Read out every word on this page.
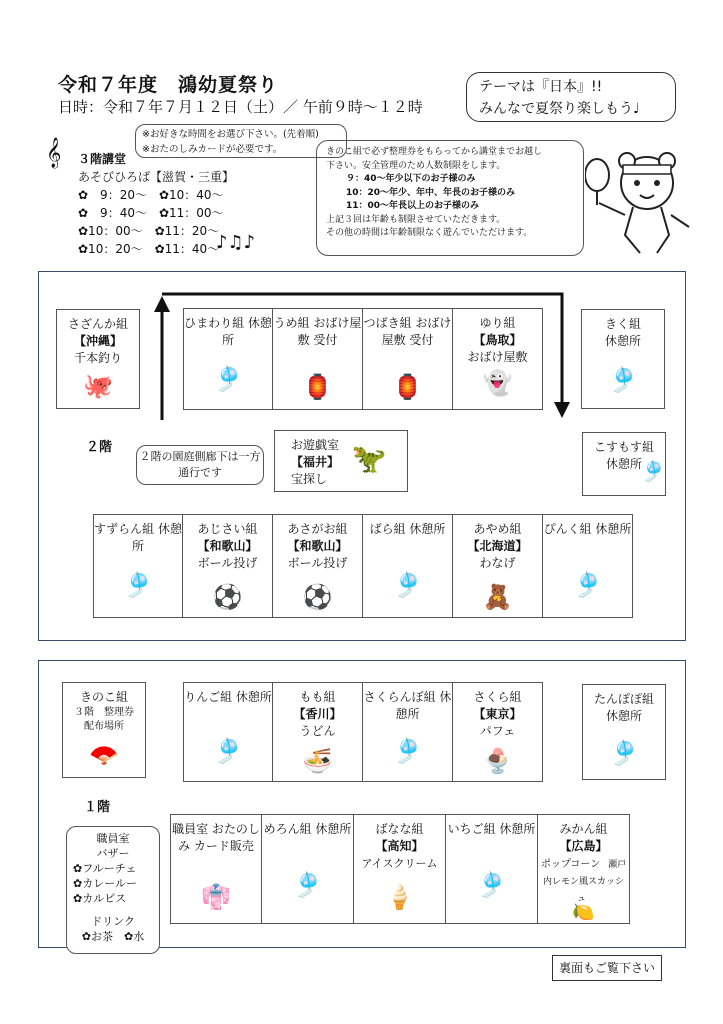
令和７年度　鴻幼夏祭り
日時：令和７年７月１２日（土）／ 午前９時〜１２時
テーマは『日本』!!
みんなで夏祭り楽しもう♩
※お好きな時間をお選び下さい。(先着順)
※おたのしみカードが必要です。	きのこ組で必ず整理券をもらってから講堂までお越し
下さい。安全管理のため人数制限をします。
９：40〜年少以下のお子様のみ
10：20〜年少、年中、年長のお子様のみ
11：00〜年長以上のお子様のみ
上記３回は年齢も制限させていただきます。
その他の時間は年齢制限なく遊んでいただけます。
𝄞
♪♫♪
３階講堂
あそびひろば【滋賀・三重】
✿　9：20〜　✿10：40〜
✿　9：40〜　✿11：00〜
✿10：00〜　✿11：20〜
✿10：20〜　✿11：40〜
さざんか組
【沖縄】
千本釣り
🐙
ひまわり組 休憩所
🎐
うめ組 おばけ屋敷 受付
🏮
つばき組 おばけ屋敷 受付
🏮
ゆり組
【鳥取】
おばけ屋敷
👻
きく組
休憩所
🎐
２階
２階の園庭側廊下は一方通行です
お遊戯室
【福井】
宝探し
🦖	こすもす組
休憩所
🎐
すずらん組 休憩所
🎐
あじさい組
【和歌山】
ボール投げ
⚽
あさがお組
【和歌山】
ボール投げ
⚽
ばら組 休憩所
🎐
あやめ組
【北海道】
わなげ
🧸
ぴんく組 休憩所
🎐
きのこ組
３階　整理券
配布場所
🪭
りんご組 休憩所
🎐
もも組
【香川】
うどん
🍜
さくらんぼ組 休憩所
🎐
さくら組
【東京】
パフェ
🍨
たんぽぽ組
休憩所
🎐
１階
職員室
バザー
✿フルーチェ
✿カレールー
✿カルピス
ドリンク
✿お茶　✿水
職員室 おたのしみ カード販売
👘
めろん組 休憩所
🎐
ばなな組
【高知】
アイスクリーム
🍦
いちご組 休憩所
🎐
みかん組
【広島】
ポップコーン 瀬戸内レモン風スカッシュ
🍋
裏面もご覧下さい
